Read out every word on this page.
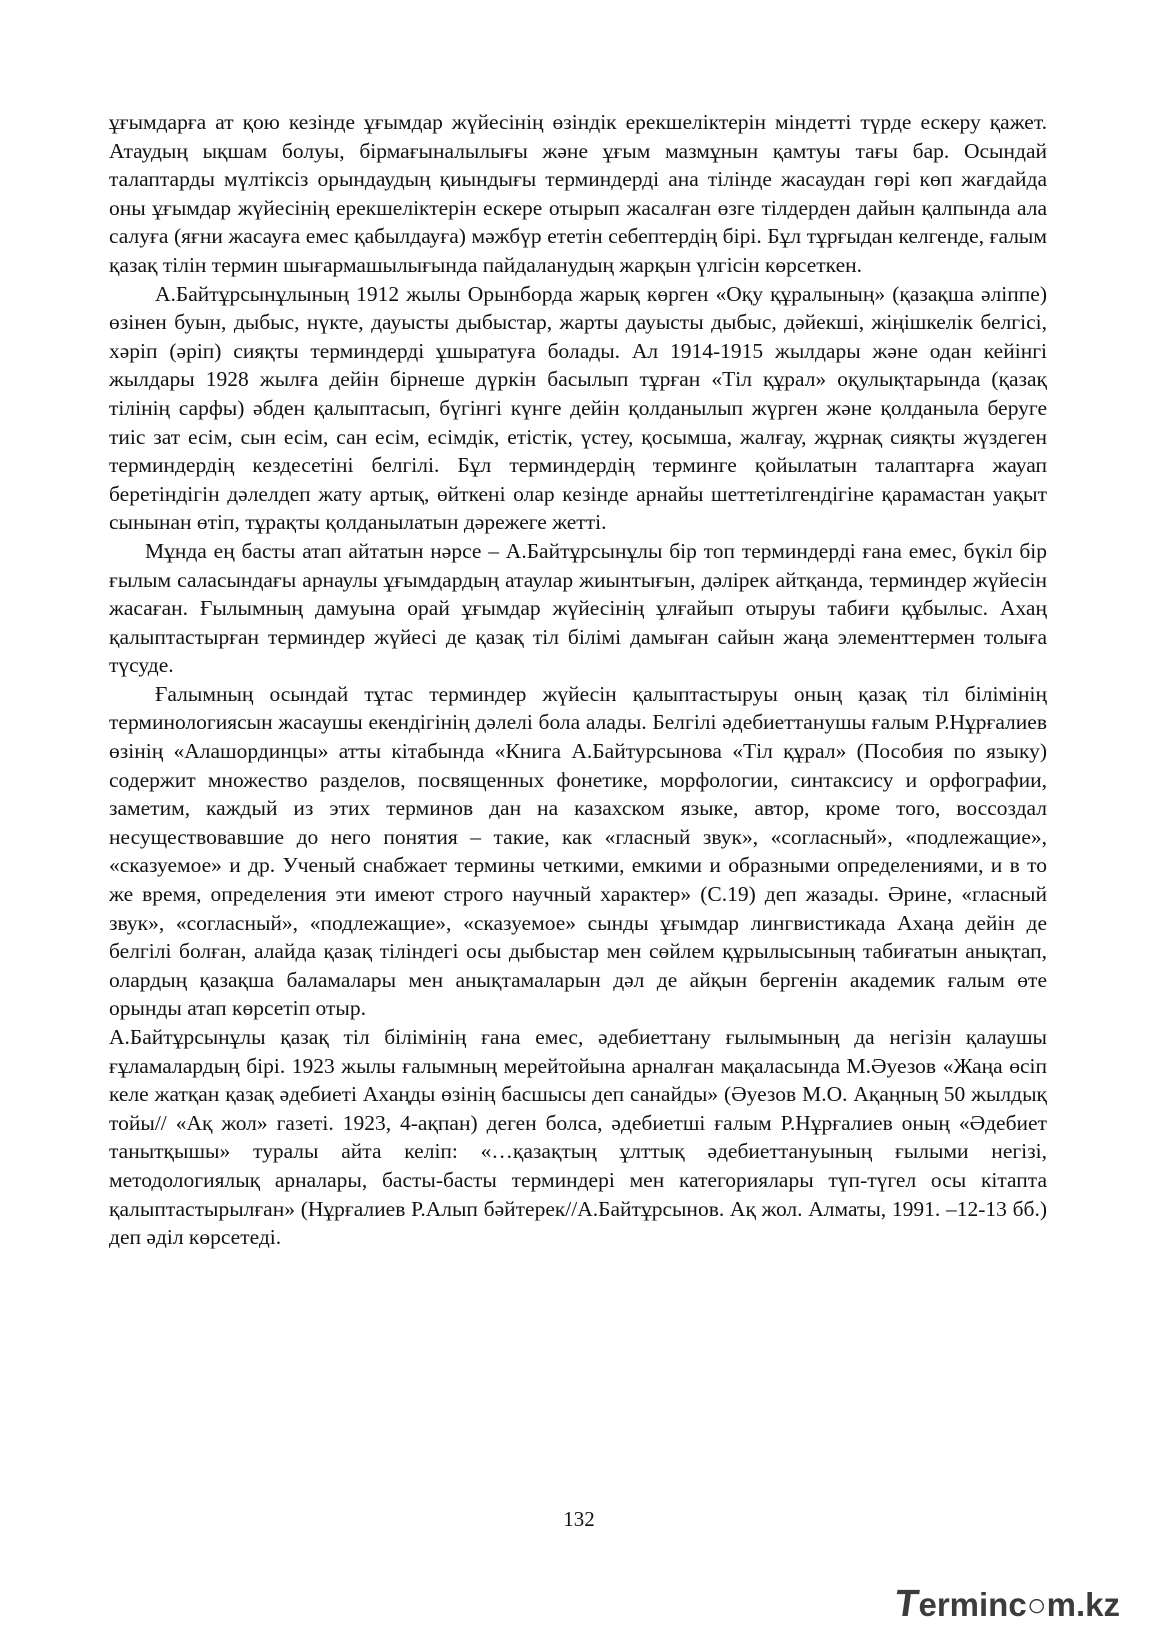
ұғымдарға ат қою кезінде ұғымдар жүйесінің өзіндік ерекшеліктерін міндетті түрде ескеру қажет. Атаудың ықшам болуы, бірмағыналылығы және ұғым мазмұнын қамтуы тағы бар. Осындай талаптарды мүлтіксіз орындаудың қиындығы терминдерді ана тілінде жасаудан гөрі көп жағдайда оны ұғымдар жүйесінің ерекшеліктерін ескере отырып жасалған өзге тілдерден дайын қалпында ала салуға (яғни жасауға емес қабылдауға) мәжбүр ететін себептердің бірі. Бұл тұрғыдан келгенде, ғалым қазақ тілін термин шығармашылығында пайдаланудың жарқын үлгісін көрсеткен.

А.Байтұрсынұлының 1912 жылы Орынборда жарық көрген «Оқу құралының» (қазақша әліппе) өзінен буын, дыбыс, нүкте, дауысты дыбыстар, жарты дауысты дыбыс, дәйекші, жіңішкелік белгісі, хәріп (әріп) сияқты терминдерді ұшыратуға болады. Ал 1914-1915 жылдары және одан кейінгі жылдары 1928 жылға дейін бірнеше дүркін басылып тұрған «Тіл құрал» оқулықтарында (қазақ тілінің сарфы) әбден қалыптасып, бүгінгі күнге дейін қолданылып жүрген және қолданыла беруге тиіс зат есім, сын есім, сан есім, есімдік, етістік, үстеу, қосымша, жалғау, жұрнақ сияқты жүздеген терминдердің кездесетіні белгілі. Бұл терминдердің терминге қойылатын талаптарға жауап беретіндігін дәлелдеп жату артық, өйткені олар кезінде арнайы шеттетілгендігіне қарамастан уақыт сынынан өтіп, тұрақты қолданылатын дәрежеге жетті.

Мұнда ең басты атап айтатын нәрсе – А.Байтұрсынұлы бір топ терминдерді ғана емес, бүкіл бір ғылым саласындағы арнаулы ұғымдардың атаулар жиынтығын, дәлірек айтқанда, терминдер жүйесін жасаған. Ғылымның дамуына орай ұғымдар жүйесінің ұлғайып отыруы табиғи құбылыс. Ахаң қалыптастырған терминдер жүйесі де қазақ тіл білімі дамыған сайын жаңа элементтермен толыға түсуде.

Ғалымның осындай тұтас терминдер жүйесін қалыптастыруы оның қазақ тіл білімінің терминологиясын жасаушы екендігінің дәлелі бола алады. Белгілі әдебиеттанушы ғалым Р.Нұрғалиев өзінің «Алашординцы» атты кітабында «Книга А.Байтурсынова «Тіл құрал» (Пособия по языку) содержит множество разделов, посвященных фонетике, морфологии, синтаксису и орфографии, заметим, каждый из этих терминов дан на казахском языке, автор, кроме того, воссоздал несуществовавшие до него понятия – такие, как «гласный звук», «согласный», «подлежащие», «сказуемое» и др. Ученый снабжает термины четкими, емкими и образными определениями, и в то же время, определения эти имеют строго научный характер» (С.19) деп жазады. Әрине, «гласный звук», «согласный», «подлежащие», «сказуемое» сынды ұғымдар лингвистикада Ахаңа дейін де белгілі болған, алайда қазақ тіліндегі осы дыбыстар мен сөйлем құрылысының табиғатын анықтап, олардың қазақша баламалары мен анықтамаларын дәл де айқын бергенін академик ғалым өте орынды атап көрсетіп отыр.

А.Байтұрсынұлы қазақ тіл білімінің ғана емес, әдебиеттану ғылымының да негізін қалаушы ғұламалардың бірі. 1923 жылы ғалымның мерейтойына арналған мақаласында М.Әуезов «Жаңа өсіп келе жатқан қазақ әдебиеті Ахаңды өзінің басшысы деп санайды» (Әуезов М.О. Ақаңның 50 жылдық тойы// «Ақ жол» газеті. 1923, 4-ақпан) деген болса, әдебиетші ғалым Р.Нұрғалиев оның «Әдебиет танытқышы» туралы айта келіп: «…қазақтың ұлттық әдебиеттануының ғылыми негізі, методологиялық арналары, басты-басты терминдері мен категориялары түп-түгел осы кітапта қалыптастырылған» (Нұрғалиев Р.Алып бәйтерек//А.Байтұрсынов. Ақ жол. Алматы, 1991. –12-13 бб.) деп әділ көрсетеді.

132
Тerminc○m.kz
